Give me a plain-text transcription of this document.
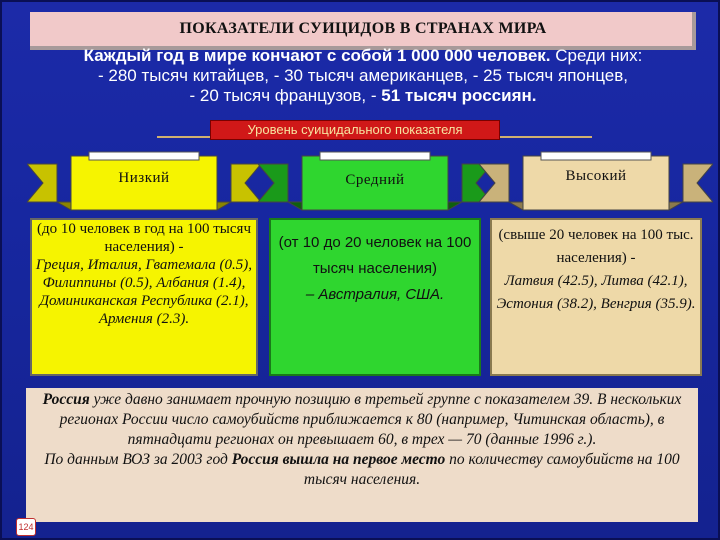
ПОКАЗАТЕЛИ СУИЦИДОВ В СТРАНАХ МИРА
Каждый год в мире кончают с собой 1 000 000 человек. Среди них:
- 280 тысяч китайцев, - 30 тысяч американцев, - 25 тысяч японцев,
- 20 тысяч французов, - 51 тысяч россиян.
Уровень суицидального показателя
Низкий	Средний	Высокий
(до 10 человек в год на 100 тысяч населения) -
Греция, Италия, Гватемала (0.5), Филиппины (0.5), Албания (1.4), Доминиканская Республика (2.1), Армения (2.3).
(от 10 до 20 человек на 100 тысяч населения)
– Австралия, США.
(свыше 20 человек на 100 тыс. населения) -
Латвия (42.5), Литва (42.1), Эстония (38.2), Венгрия (35.9).
Россия уже давно занимает прочную позицию в третьей группе с показателем 39. В нескольких регионах России число самоубийств приближается к 80 (например, Читинская область), в пятнадцати регионах он превышает 60, в трех — 70 (данные 1996 г.).
По данным ВОЗ за 2003 год Россия вышла на первое место по количеству самоубийств на 100 тысяч населения.
124
